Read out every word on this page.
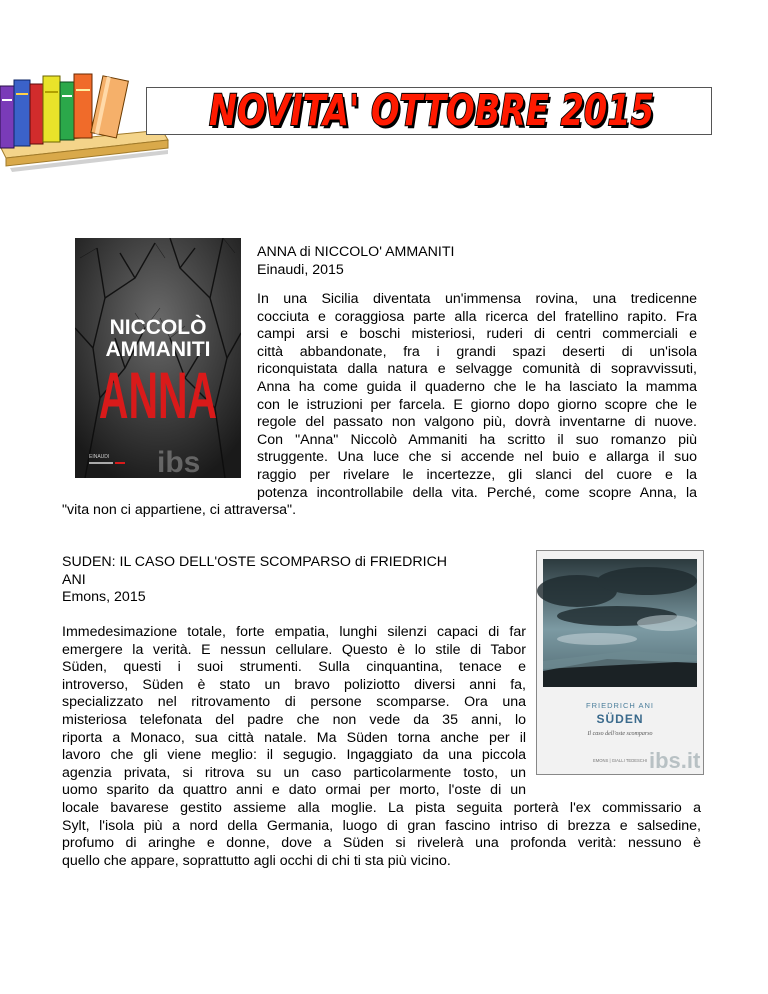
NOVITA' OTTOBRE 2015
NICCOLÒ
AMMANITI
ANNA
EINAUDI ibs
ANNA di NICCOLO' AMMANITI
Einaudi, 2015
In una Sicilia diventata un'immensa rovina, una tredicenne
cocciuta e coraggiosa parte alla ricerca del fratellino rapito. Fra
campi arsi e boschi misteriosi, ruderi di centri commerciali e
città abbandonate, fra i grandi spazi deserti di un'isola
riconquistata dalla natura e selvagge comunità di sopravvissuti,
Anna ha come guida il quaderno che le ha lasciato la mamma
con le istruzioni per farcela. E giorno dopo giorno scopre che le
regole del passato non valgono più, dovrà inventarne di nuove.
Con "Anna" Niccolò Ammaniti ha scritto il suo romanzo più
struggente. Una luce che si accende nel buio e allarga il suo
raggio per rivelare le incertezze, gli slanci del cuore e la
potenza incontrollabile della vita. Perché, come scopre Anna, la
"vita non ci appartiene, ci attraversa".
SUDEN: IL CASO DELL'OSTE SCOMPARSO di FRIEDRICH
ANI
Emons, 2015
FRIEDRICH ANI
SÜDEN
Il caso dell'oste scomparso
EMONS | GIALLI TEDESCHI ibs.it
Immedesimazione totale, forte empatia, lunghi silenzi capaci di far
emergere la verità. E nessun cellulare. Questo è lo stile di Tabor
Süden, questi i suoi strumenti. Sulla cinquantina, tenace e
introverso, Süden è stato un bravo poliziotto diversi anni fa,
specializzato nel ritrovamento di persone scomparse. Ora una
misteriosa telefonata del padre che non vede da 35 anni, lo
riporta a Monaco, sua città natale. Ma Süden torna anche per il
lavoro che gli viene meglio: il segugio. Ingaggiato da una piccola
agenzia privata, si ritrova su un caso particolarmente tosto, un
uomo sparito da quattro anni e dato ormai per morto, l'oste di un
locale bavarese gestito assieme alla moglie. La pista seguita porterà l'ex commissario a
Sylt, l'isola più a nord della Germania, luogo di gran fascino intriso di brezza e salsedine,
profumo di aringhe e donne, dove a Süden si rivelerà una profonda verità: nessuno è
quello che appare, soprattutto agli occhi di chi ti sta più vicino.
